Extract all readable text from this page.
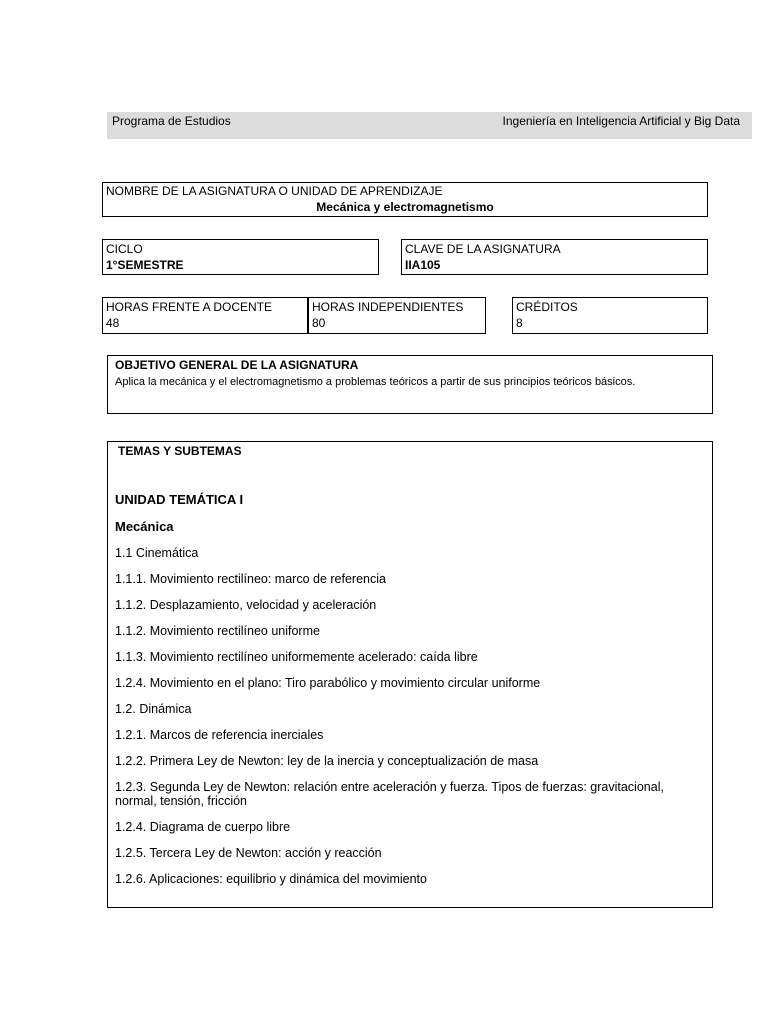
Programa de Estudios	Ingeniería en Inteligencia Artificial y Big Data
NOMBRE DE LA ASIGNATURA O UNIDAD DE APRENDIZAJE
Mecánica y electromagnetismo
CICLO
1°SEMESTRE
CLAVE DE LA ASIGNATURA
IIA105
HORAS FRENTE A DOCENTE
48
HORAS INDEPENDIENTES
80
CRÉDITOS
8
OBJETIVO GENERAL DE LA ASIGNATURA
Aplica la mecánica y el electromagnetismo a problemas teóricos a partir de sus principios teóricos básicos.
TEMAS Y SUBTEMAS
UNIDAD TEMÁTICA I
Mecánica
1.1 Cinemática
1.1.1. Movimiento rectilíneo: marco de referencia
1.1.2. Desplazamiento, velocidad y aceleración
1.1.2. Movimiento rectilíneo uniforme
1.1.3. Movimiento rectilíneo uniformemente acelerado: caída libre
1.2.4. Movimiento en el plano: Tiro parabólico y movimiento circular uniforme
1.2. Dinámica
1.2.1. Marcos de referencia inerciales
1.2.2. Primera Ley de Newton: ley de la inercia y conceptualización de masa
1.2.3. Segunda Ley de Newton: relación entre aceleración y fuerza. Tipos de fuerzas: gravitacional, normal, tensión, fricción
1.2.4. Diagrama de cuerpo libre
1.2.5. Tercera Ley de Newton: acción y reacción
1.2.6. Aplicaciones: equilibrio y dinámica del movimiento
